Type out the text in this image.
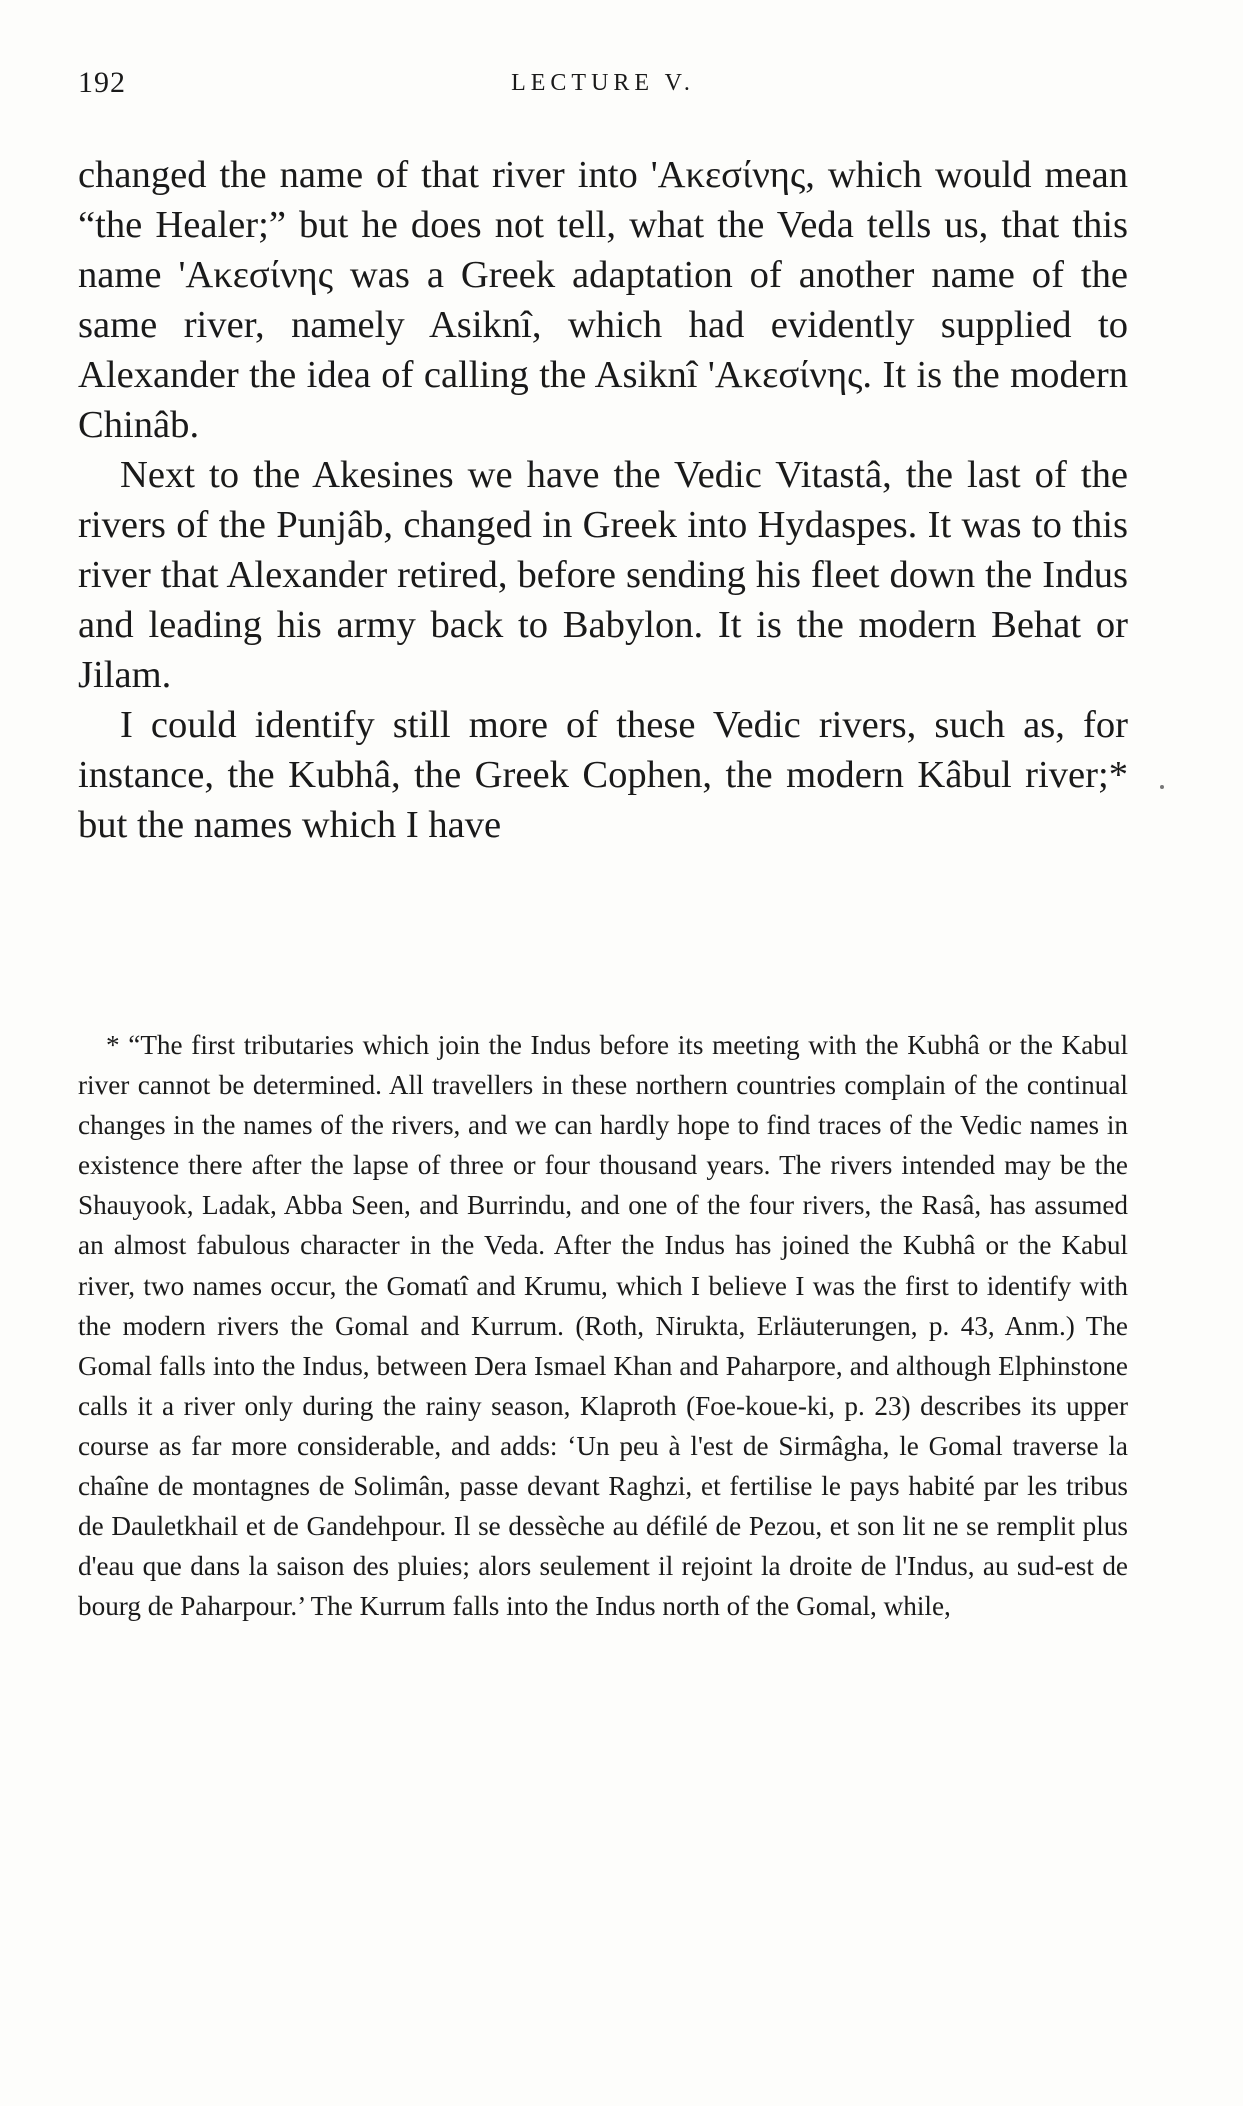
192	LECTURE V.

changed the name of that river into 'Ακεσίνης, which would mean “the Healer;” but he does not tell, what the Veda tells us, that this name 'Ακεσίνης was a Greek adaptation of another name of the same river, namely Asiknî, which had evidently supplied to Alexander the idea of calling the Asiknî 'Ακεσίνης. It is the modern Chinâb.

Next to the Akesines we have the Vedic Vitastâ, the last of the rivers of the Punjâb, changed in Greek into Hydaspes. It was to this river that Alexander retired, before sending his fleet down the Indus and leading his army back to Babylon. It is the modern Behat or Jilam.

I could identify still more of these Vedic rivers, such as, for instance, the Kubhâ, the Greek Cophen, the modern Kâbul river;* but the names which I have

* “The first tributaries which join the Indus before its meeting with the Kubhâ or the Kabul river cannot be determined. All travellers in these northern countries complain of the continual changes in the names of the rivers, and we can hardly hope to find traces of the Vedic names in existence there after the lapse of three or four thousand years. The rivers intended may be the Shauyook, Ladak, Abba Seen, and Burrindu, and one of the four rivers, the Rasâ, has assumed an almost fabulous character in the Veda. After the Indus has joined the Kubhâ or the Kabul river, two names occur, the Gomatî and Krumu, which I believe I was the first to identify with the modern rivers the Gomal and Kurrum. (Roth, Nirukta, Erläuterungen, p. 43, Anm.) The Gomal falls into the Indus, between Dera Ismael Khan and Paharpore, and although Elphinstone calls it a river only during the rainy season, Klaproth (Foe-koue-ki, p. 23) describes its upper course as far more considerable, and adds: ‘Un peu à l'est de Sirmâgha, le Gomal traverse la chaîne de montagnes de Solimân, passe devant Raghzi, et fertilise le pays habité par les tribus de Dauletkhail et de Gandehpour. Il se dessèche au défilé de Pezou, et son lit ne se remplit plus d'eau que dans la saison des pluies; alors seulement il rejoint la droite de l'Indus, au sud-est de bourg de Paharpour.’ The Kurrum falls into the Indus north of the Gomal, while,
